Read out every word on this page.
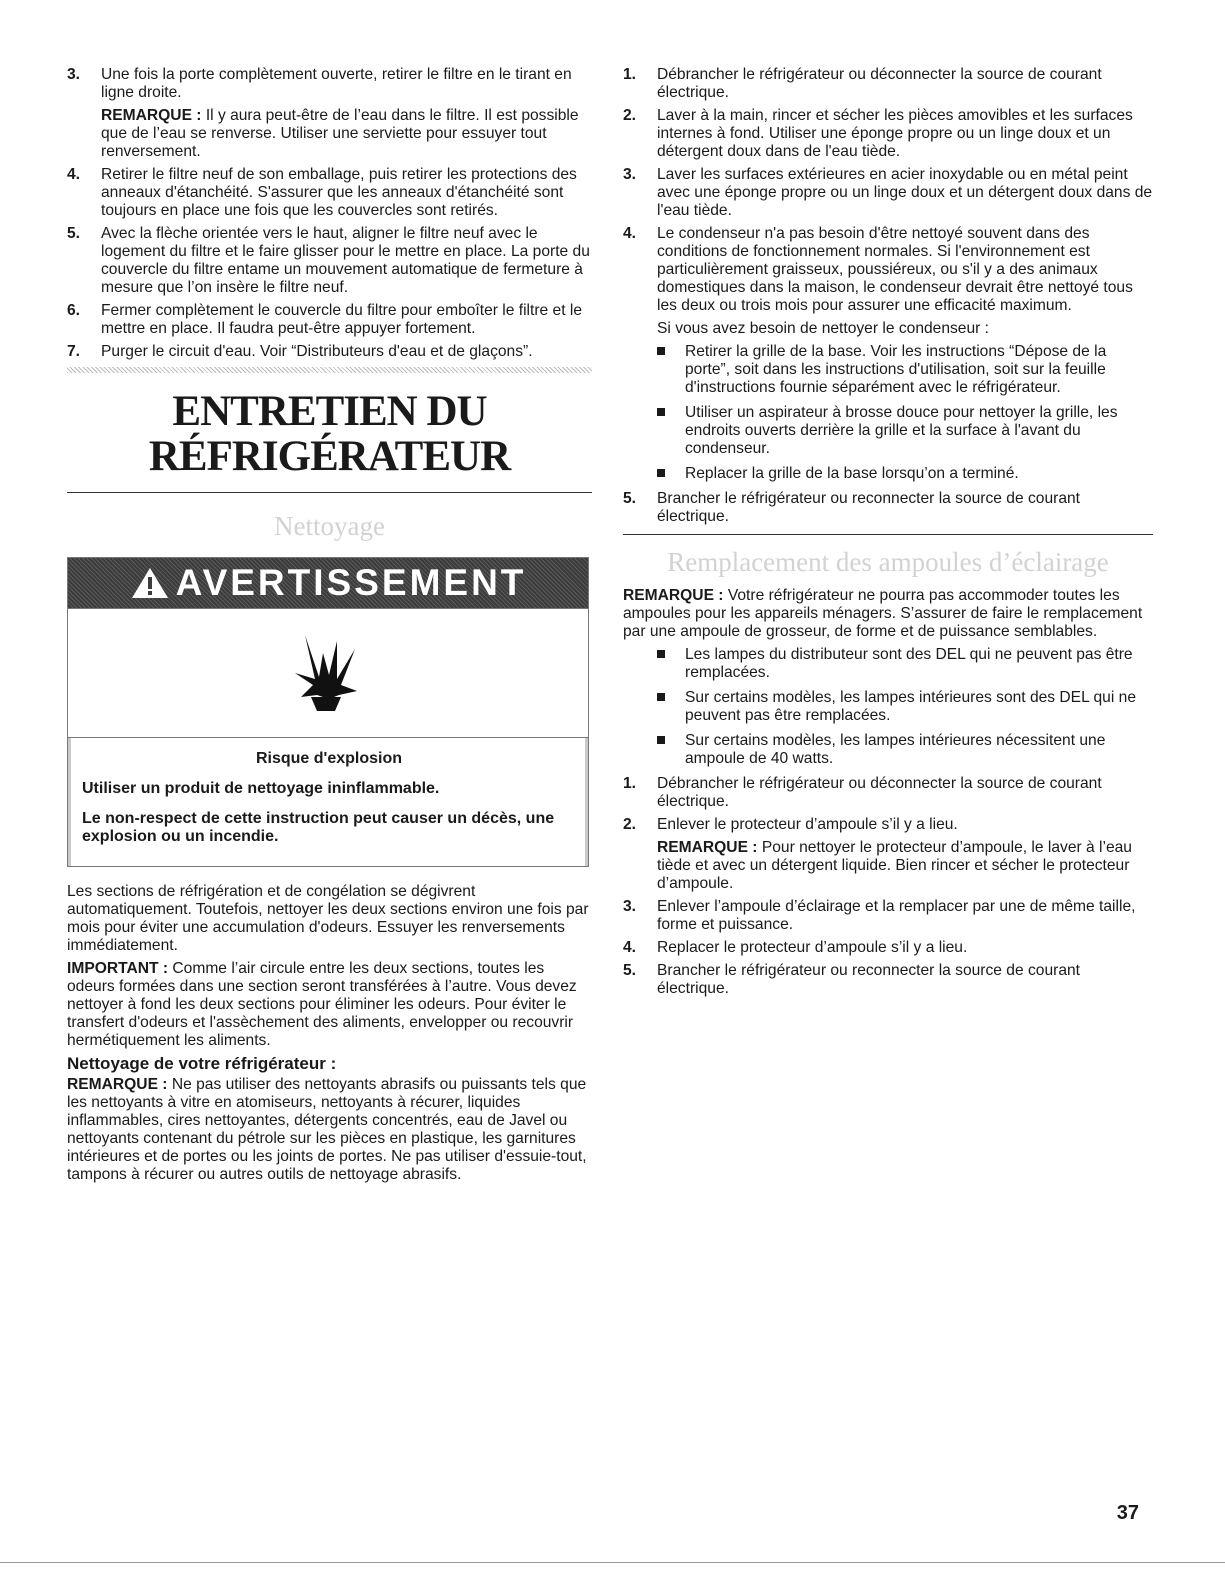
3. Une fois la porte complètement ouverte, retirer le filtre en le tirant en ligne droite.

REMARQUE : Il y aura peut-être de l’eau dans le filtre. Il est possible que de l’eau se renverse. Utiliser une serviette pour essuyer tout renversement.

4. Retirer le filtre neuf de son emballage, puis retirer les protections des anneaux d'étanchéité. S'assurer que les anneaux d'étanchéité sont toujours en place une fois que les couvercles sont retirés.

5. Avec la flèche orientée vers le haut, aligner le filtre neuf avec le logement du filtre et le faire glisser pour le mettre en place. La porte du couvercle du filtre entame un mouvement automatique de fermeture à mesure que l’on insère le filtre neuf.

6. Fermer complètement le couvercle du filtre pour emboîter le filtre et le mettre en place. Il faudra peut-être appuyer fortement.

7. Purger le circuit d'eau. Voir “Distributeurs d'eau et de glaçons”.

ENTRETIEN DU
RÉFRIGÉRATEUR
Nettoyage
AVERTISSEMENT
Risque d'explosion
Utiliser un produit de nettoyage ininflammable.
Le non-respect de cette instruction peut causer un décès, une explosion ou un incendie.

Les sections de réfrigération et de congélation se dégivrent automatiquement. Toutefois, nettoyer les deux sections environ une fois par mois pour éviter une accumulation d'odeurs. Essuyer les renversements immédiatement.

IMPORTANT : Comme l’air circule entre les deux sections, toutes les odeurs formées dans une section seront transférées à l’autre. Vous devez nettoyer à fond les deux sections pour éliminer les odeurs. Pour éviter le transfert d'odeurs et l'assèchement des aliments, envelopper ou recouvrir hermétiquement les aliments.

Nettoyage de votre réfrigérateur :

REMARQUE : Ne pas utiliser des nettoyants abrasifs ou puissants tels que les nettoyants à vitre en atomiseurs, nettoyants à récurer, liquides inflammables, cires nettoyantes, détergents concentrés, eau de Javel ou nettoyants contenant du pétrole sur les pièces en plastique, les garnitures intérieures et de portes ou les joints de portes. Ne pas utiliser d'essuie-tout, tampons à récurer ou autres outils de nettoyage abrasifs.

1. Débrancher le réfrigérateur ou déconnecter la source de courant électrique.

2. Laver à la main, rincer et sécher les pièces amovibles et les surfaces internes à fond. Utiliser une éponge propre ou un linge doux et un détergent doux dans de l'eau tiède.

3. Laver les surfaces extérieures en acier inoxydable ou en métal peint avec une éponge propre ou un linge doux et un détergent doux dans de l'eau tiède.

4. Le condenseur n'a pas besoin d'être nettoyé souvent dans des conditions de fonctionnement normales. Si l'environnement est particulièrement graisseux, poussiéreux, ou s'il y a des animaux domestiques dans la maison, le condenseur devrait être nettoyé tous les deux ou trois mois pour assurer une efficacité maximum.

Si vous avez besoin de nettoyer le condenseur :

Retirer la grille de la base. Voir les instructions “Dépose de la porte”, soit dans les instructions d'utilisation, soit sur la feuille d'instructions fournie séparément avec le réfrigérateur.

Utiliser un aspirateur à brosse douce pour nettoyer la grille, les endroits ouverts derrière la grille et la surface à l'avant du condenseur.

Replacer la grille de la base lorsqu’on a terminé.

5. Brancher le réfrigérateur ou reconnecter la source de courant électrique.

Remplacement des ampoules d’éclairage

REMARQUE : Votre réfrigérateur ne pourra pas accommoder toutes les ampoules pour les appareils ménagers. S’assurer de faire le remplacement par une ampoule de grosseur, de forme et de puissance semblables.

Les lampes du distributeur sont des DEL qui ne peuvent pas être remplacées.

Sur certains modèles, les lampes intérieures sont des DEL qui ne peuvent pas être remplacées.

Sur certains modèles, les lampes intérieures nécessitent une ampoule de 40 watts.

1. Débrancher le réfrigérateur ou déconnecter la source de courant électrique.

2. Enlever le protecteur d’ampoule s’il y a lieu.

REMARQUE : Pour nettoyer le protecteur d’ampoule, le laver à l’eau tiède et avec un détergent liquide. Bien rincer et sécher le protecteur d’ampoule.

3. Enlever l’ampoule d’éclairage et la remplacer par une de même taille, forme et puissance.

4. Replacer le protecteur d’ampoule s’il y a lieu.

5. Brancher le réfrigérateur ou reconnecter la source de courant électrique.

37
